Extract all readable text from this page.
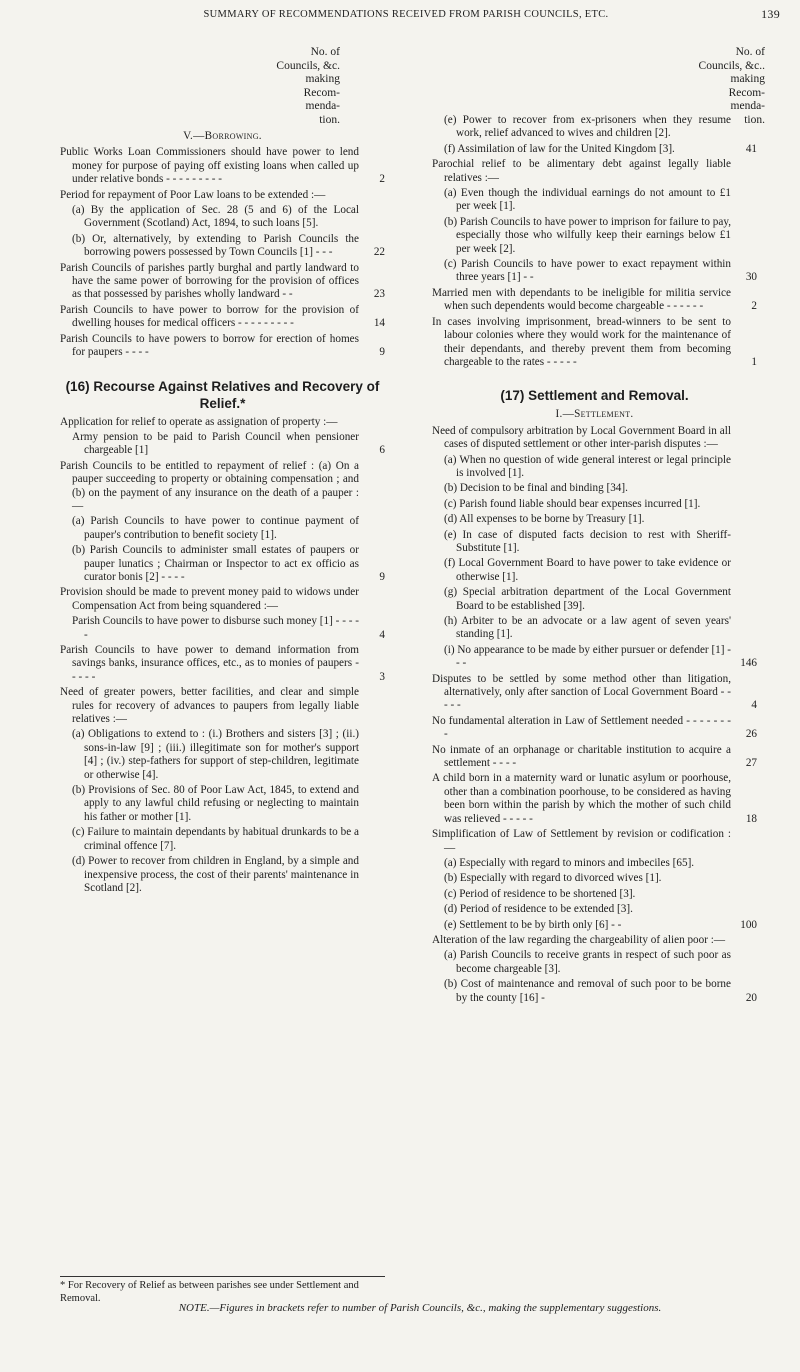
SUMMARY OF RECOMMENDATIONS RECEIVED FROM PARISH COUNCILS, ETC.	139
No. of
Councils, &c.
making
Recom-
menda-
tion.
No. of
Councils, &c..
making
Recom-
menda-
tion.
V.—Borrowing.
Public Works Loan Commissioners should have power to lend money for purpose of paying off existing loans when called up under relative bonds - - - - - - - - -	2
Period for repayment of Poor Law loans to be extended :—
(a) By the application of Sec. 28 (5 and 6) of the Local Government (Scotland) Act, 1894, to such loans [5].
(b) Or, alternatively, by extending to Parish Councils the borrowing powers possessed by Town Councils [1] - - -	22
Parish Councils of parishes partly burghal and partly landward to have the same power of borrowing for the provision of offices as that possessed by parishes wholly landward - -	23
Parish Councils to have power to borrow for the provision of dwelling houses for medical officers - - - - - - - - -	14
Parish Councils to have powers to borrow for erection of homes for paupers - - - -	9
(16) Recourse Against Relatives and Recovery of Relief.*
Application for relief to operate as assignation of property :—
Army pension to be paid to Parish Council when pensioner chargeable [1]	6
Parish Councils to be entitled to repayment of relief : (a) On a pauper succeeding to property or obtaining compensation ; and (b) on the payment of any insurance on the death of a pauper :—
(a) Parish Councils to have power to continue payment of pauper's contribution to benefit society [1].
(b) Parish Councils to administer small estates of paupers or pauper lunatics ; Chairman or Inspector to act ex officio as curator bonis [2] - - - -	9
Provision should be made to prevent money paid to widows under Compensation Act from being squandered :—
Parish Councils to have power to disburse such money [1] - - - - -	4
Parish Councils to have power to demand information from savings banks, insurance offices, etc., as to monies of paupers - - - - -	3
Need of greater powers, better facilities, and clear and simple rules for recovery of advances to paupers from legally liable relatives :—
(a) Obligations to extend to : (i.) Brothers and sisters [3] ; (ii.) sons-in-law [9] ; (iii.) illegitimate son for mother's support [4] ; (iv.) step-fathers for support of step-children, legitimate or otherwise [4].
(b) Provisions of Sec. 80 of Poor Law Act, 1845, to extend and apply to any lawful child refusing or neglecting to maintain his father or mother [1].
(c) Failure to maintain dependants by habitual drunkards to be a criminal offence [7].
(d) Power to recover from children in England, by a simple and inexpensive process, the cost of their parents' maintenance in Scotland [2].
(e) Power to recover from ex-prisoners when they resume work, relief advanced to wives and children [2].
(f) Assimilation of law for the United Kingdom [3].	41
Parochial relief to be alimentary debt against legally liable relatives :—
(a) Even though the individual earnings do not amount to £1 per week [1].
(b) Parish Councils to have power to imprison for failure to pay, especially those who wilfully keep their earnings below £1 per week [2].
(c) Parish Councils to have power to exact repayment within three years [1] - -	30
Married men with dependants to be ineligible for militia service when such dependents would become chargeable - - - - - -	2
In cases involving imprisonment, bread-winners to be sent to labour colonies where they would work for the maintenance of their dependants, and thereby prevent them from becoming chargeable to the rates - - - - -	1
(17) Settlement and Removal.
I.—Settlement.
Need of compulsory arbitration by Local Government Board in all cases of disputed settlement or other inter-parish disputes :—
(a) When no question of wide general interest or legal principle is involved [1].
(b) Decision to be final and binding [34].
(c) Parish found liable should bear expenses incurred [1].
(d) All expenses to be borne by Treasury [1].
(e) In case of disputed facts decision to rest with Sheriff-Substitute [1].
(f) Local Government Board to have power to take evidence or otherwise [1].
(g) Special arbitration department of the Local Government Board to be established [39].
(h) Arbiter to be an advocate or a law agent of seven years' standing [1].
(i) No appearance to be made by either pursuer or defender [1] - - -	146
Disputes to be settled by some method other than litigation, alternatively, only after sanction of Local Government Board - - - - -	4
No fundamental alteration in Law of Settlement needed - - - - - - - -	26
No inmate of an orphanage or charitable institution to acquire a settlement - - - -	27
A child born in a maternity ward or lunatic asylum or poorhouse, other than a combination poorhouse, to be considered as having been born within the parish by which the mother of such child was relieved - - - - -	18
Simplification of Law of Settlement by revision or codification :—
(a) Especially with regard to minors and imbeciles [65].
(b) Especially with regard to divorced wives [1].
(c) Period of residence to be shortened [3].
(d) Period of residence to be extended [3].
(e) Settlement to be by birth only [6] - -	100
Alteration of the law regarding the chargeability of alien poor :—
(a) Parish Councils to receive grants in respect of such poor as become chargeable [3].
(b) Cost of maintenance and removal of such poor to be borne by the county [16] -	20
* For Recovery of Relief as between parishes see under Settlement and Removal.
NOTE.—Figures in brackets refer to number of Parish Councils, &c., making the supplementary suggestions.
